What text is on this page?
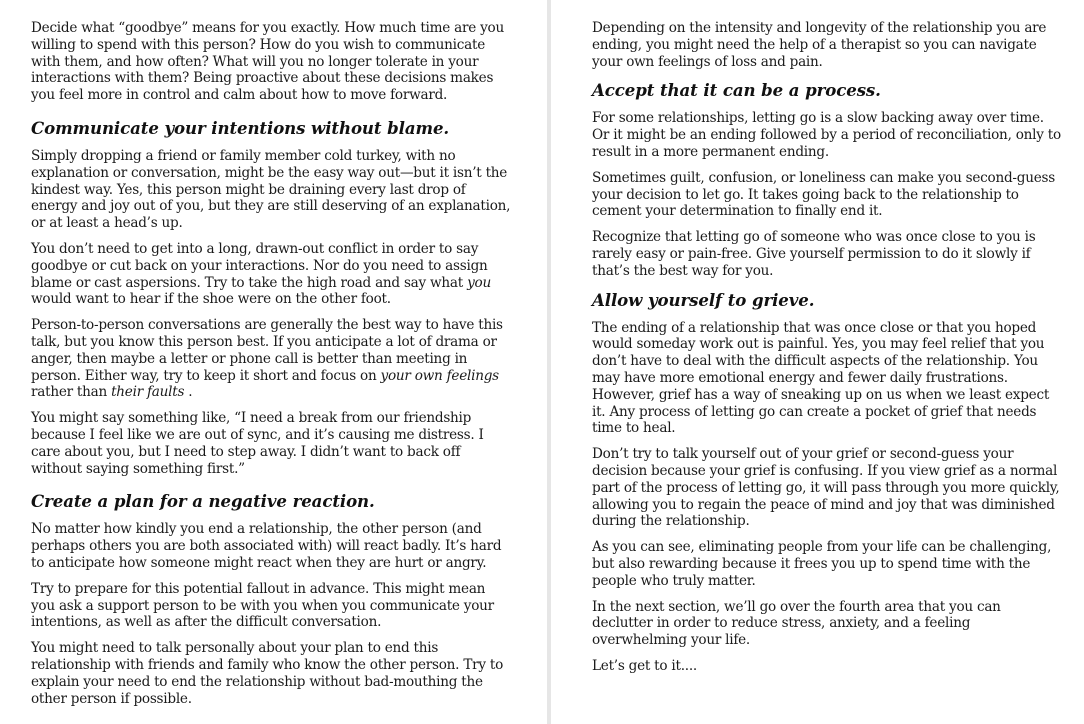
Decide what “goodbye” means for you exactly. How much time are you willing to spend with this person? How do you wish to communicate with them, and how often? What will you no longer tolerate in your interactions with them? Being proactive about these decisions makes you feel more in control and calm about how to move forward.

Communicate your intentions without blame.

Simply dropping a friend or family member cold turkey, with no explanation or conversation, might be the easy way out—but it isn’t the kindest way. Yes, this person might be draining every last drop of energy and joy out of you, but they are still deserving of an explanation, or at least a head’s up.

You don’t need to get into a long, drawn-out conflict in order to say goodbye or cut back on your interactions. Nor do you need to assign blame or cast aspersions. Try to take the high road and say what you would want to hear if the shoe were on the other foot.

Person-to-person conversations are generally the best way to have this talk, but you know this person best. If you anticipate a lot of drama or anger, then maybe a letter or phone call is better than meeting in person. Either way, try to keep it short and focus on your own feelings rather than their faults .

You might say something like, “I need a break from our friendship because I feel like we are out of sync, and it’s causing me distress. I care about you, but I need to step away. I didn’t want to back off without saying something first.”

Create a plan for a negative reaction.

No matter how kindly you end a relationship, the other person (and perhaps others you are both associated with) will react badly. It’s hard to anticipate how someone might react when they are hurt or angry.

Try to prepare for this potential fallout in advance. This might mean you ask a support person to be with you when you communicate your intentions, as well as after the difficult conversation.

You might need to talk personally about your plan to end this relationship with friends and family who know the other person. Try to explain your need to end the relationship without bad-mouthing the other person if possible.

Depending on the intensity and longevity of the relationship you are ending, you might need the help of a therapist so you can navigate your own feelings of loss and pain.

Accept that it can be a process.

For some relationships, letting go is a slow backing away over time. Or it might be an ending followed by a period of reconciliation, only to result in a more permanent ending.

Sometimes guilt, confusion, or loneliness can make you second-guess your decision to let go. It takes going back to the relationship to cement your determination to finally end it.

Recognize that letting go of someone who was once close to you is rarely easy or pain-free. Give yourself permission to do it slowly if that’s the best way for you.

Allow yourself to grieve.

The ending of a relationship that was once close or that you hoped would someday work out is painful. Yes, you may feel relief that you don’t have to deal with the difficult aspects of the relationship. You may have more emotional energy and fewer daily frustrations. However, grief has a way of sneaking up on us when we least expect it. Any process of letting go can create a pocket of grief that needs time to heal.

Don’t try to talk yourself out of your grief or second-guess your decision because your grief is confusing. If you view grief as a normal part of the process of letting go, it will pass through you more quickly, allowing you to regain the peace of mind and joy that was diminished during the relationship.

As you can see, eliminating people from your life can be challenging, but also rewarding because it frees you up to spend time with the people who truly matter.

In the next section, we’ll go over the fourth area that you can declutter in order to reduce stress, anxiety, and a feeling overwhelming your life.

Let’s get to it....
